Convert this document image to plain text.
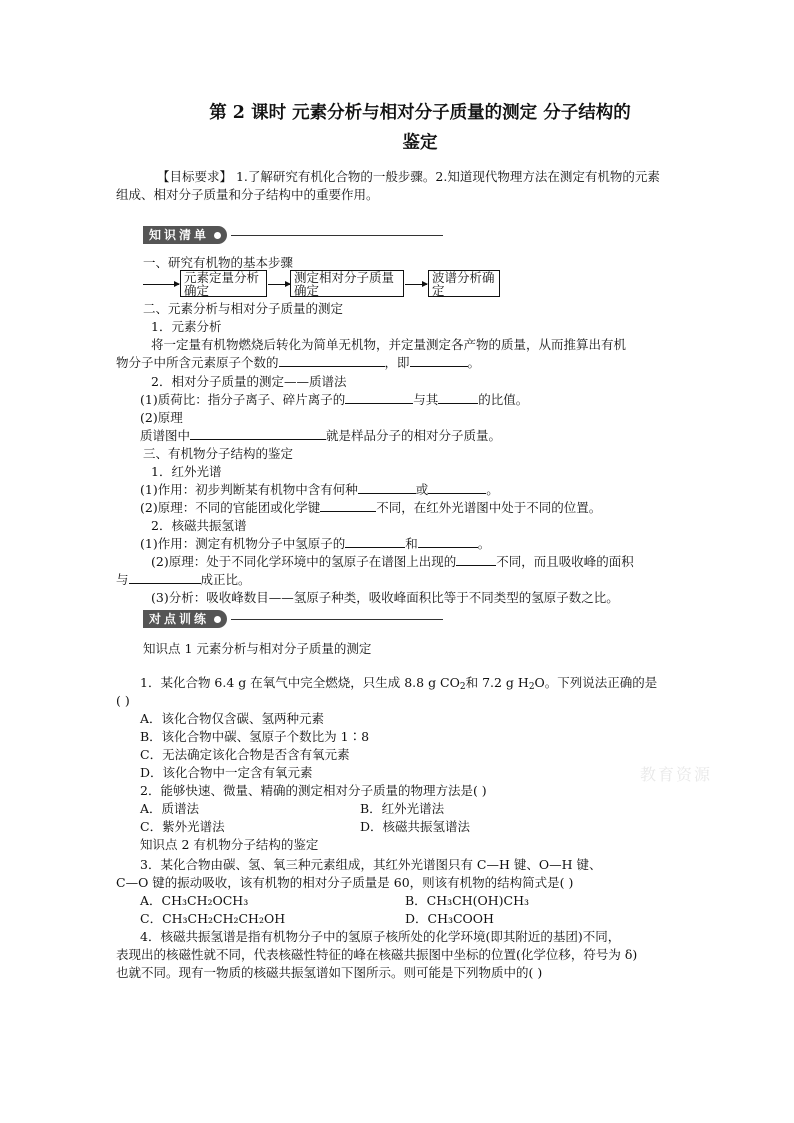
第 2 课时 元素分析与相对分子质量的测定 分子结构的
鉴定
【目标要求】 1.了解研究有机化合物的一般步骤。2.知道现代物理方法在测定有机物的元素
组成、相对分子质量和分子结构中的重要作用。
知识清单
一、研究有机物的基本步骤
元素定量分析确定
测定相对分子质量确定
波谱分析确定
二、元素分析与相对分子质量的测定
1．元素分析
将一定量有机物燃烧后转化为简单无机物，并定量测定各产物的质量，从而推算出有机
物分子中所含元素原子个数的	，即	。
2．相对分子质量的测定——质谱法
(1)质荷比：指分子离子、碎片离子的	与其	的比值。
(2)原理
质谱图中	就是样品分子的相对分子质量。
三、有机物分子结构的鉴定
1．红外光谱
(1)作用：初步判断某有机物中含有何种	或	。
(2)原理：不同的官能团或化学键	不同，在红外光谱图中处于不同的位置。
2．核磁共振氢谱
(1)作用：测定有机物分子中氢原子的	和	。
(2)原理：处于不同化学环境中的氢原子在谱图上出现的	不同，而且吸收峰的面积
与	成正比。
(3)分析：吸收峰数目——氢原子种类，吸收峰面积比等于不同类型的氢原子数之比。
对点训练
知识点 1 元素分析与相对分子质量的测定
1．某化合物 6.4 g 在氧气中完全燃烧，只生成 8.8 g $CO_2$和 7.2 g $H_2O$。下列说法正确的是
( )
A．该化合物仅含碳、氢两种元素
B．该化合物中碳、氢原子个数比为 1∶8
C．无法确定该化合物是否含有氧元素
D．该化合物中一定含有氧元素
2．能够快速、微量、精确的测定相对分子质量的物理方法是( )
A．质谱法	B．红外光谱法
C．紫外光谱法	D．核磁共振氢谱法
知识点 2 有机物分子结构的鉴定
3．某化合物由碳、氢、氧三种元素组成，其红外光谱图只有 C—H 键、O—H 键、
C—O 键的振动吸收，该有机物的相对分子质量是 60，则该有机物的结构简式是( )
A．CH₃CH₂OCH₃	B．CH₃CH(OH)CH₃
C．CH₃CH₂CH₂CH₂OH	D．CH₃COOH
4．核磁共振氢谱是指有机物分子中的氢原子核所处的化学环境(即其附近的基团)不同，
表现出的核磁性就不同，代表核磁性特征的峰在核磁共振图中坐标的位置(化学位移，符号为 δ)
也就不同。现有一物质的核磁共振氢谱如下图所示。则可能是下列物质中的( )
教育资源
